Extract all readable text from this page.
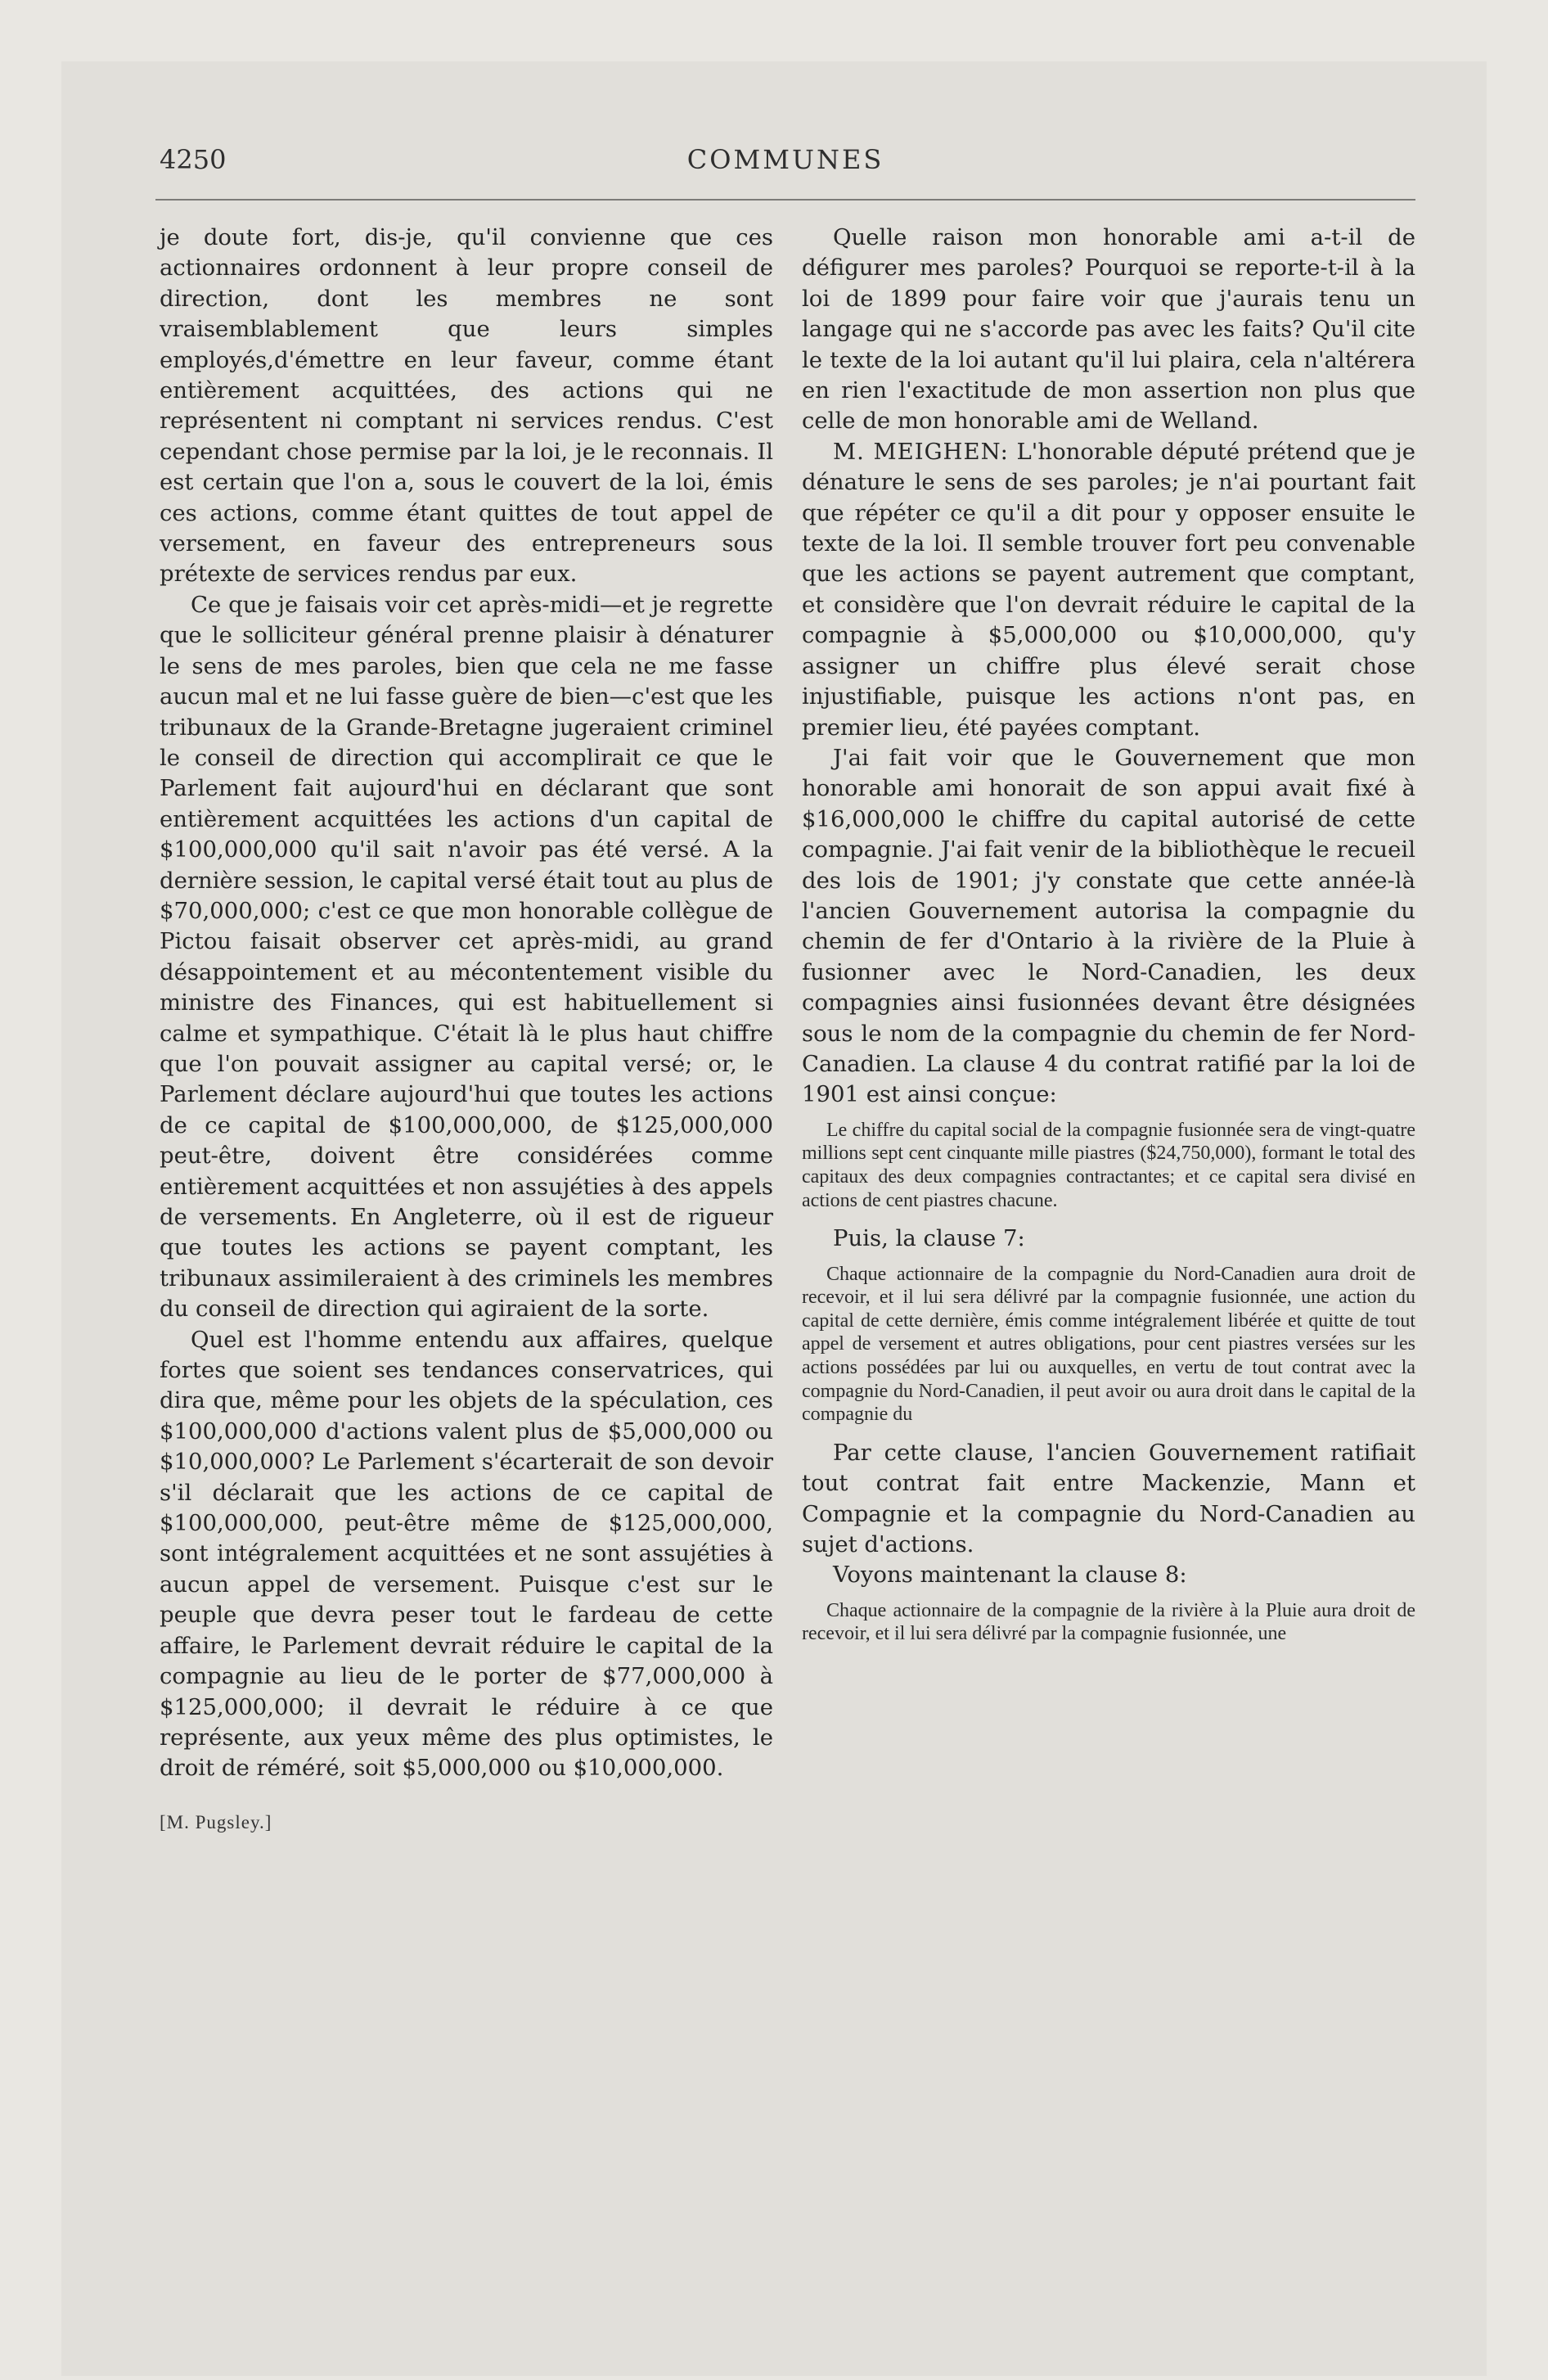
4250	COMMUNES

je doute fort, dis-je, qu'il convienne que ces actionnaires ordonnent à leur propre conseil de direction, dont les membres ne sont vraisemblablement que leurs simples employés,d'émettre en leur faveur, comme étant entièrement acquittées, des actions qui ne représentent ni comptant ni services rendus. C'est cependant chose permise par la loi, je le reconnais. Il est certain que l'on a, sous le couvert de la loi, émis ces actions, comme étant quittes de tout appel de versement, en faveur des entrepreneurs sous prétexte de services rendus par eux.

Ce que je faisais voir cet après-midi—et je regrette que le solliciteur général prenne plaisir à dénaturer le sens de mes paroles, bien que cela ne me fasse aucun mal et ne lui fasse guère de bien—c'est que les tribunaux de la Grande-Bretagne jugeraient criminel le conseil de direction qui accomplirait ce que le Parlement fait aujourd'hui en déclarant que sont entièrement acquittées les actions d'un capital de $100,000,000 qu'il sait n'avoir pas été versé. A la dernière session, le capital versé était tout au plus de $70,000,000; c'est ce que mon honorable collègue de Pictou faisait observer cet après-midi, au grand désappointement et au mécontentement visible du ministre des Finances, qui est habituellement si calme et sympathique. C'était là le plus haut chiffre que l'on pouvait assigner au capital versé; or, le Parlement déclare aujourd'hui que toutes les actions de ce capital de $100,000,000, de $125,000,000 peut-être, doivent être considérées comme entièrement acquittées et non assujéties à des appels de versements. En Angleterre, où il est de rigueur que toutes les actions se payent comptant, les tribunaux assimileraient à des criminels les membres du conseil de direction qui agiraient de la sorte.

Quel est l'homme entendu aux affaires, quelque fortes que soient ses tendances conservatrices, qui dira que, même pour les objets de la spéculation, ces $100,000,000 d'actions valent plus de $5,000,000 ou $10,000,000? Le Parlement s'écarterait de son devoir s'il déclarait que les actions de ce capital de $100,000,000, peut-être même de $125,000,000, sont intégralement acquittées et ne sont assujéties à aucun appel de versement. Puisque c'est sur le peuple que devra peser tout le fardeau de cette affaire, le Parlement devrait réduire le capital de la compagnie au lieu de le porter de $77,000,000 à $125,000,000; il devrait le réduire à ce que représente, aux yeux même des plus optimistes, le droit de réméré, soit $5,000,000 ou $10,000,000.

[M. Pugsley.]

Quelle raison mon honorable ami a-t-il de défigurer mes paroles? Pourquoi se reporte-t-il à la loi de 1899 pour faire voir que j'aurais tenu un langage qui ne s'accorde pas avec les faits? Qu'il cite le texte de la loi autant qu'il lui plaira, cela n'altérera en rien l'exactitude de mon assertion non plus que celle de mon honorable ami de Welland.

M. MEIGHEN: L'honorable député prétend que je dénature le sens de ses paroles; je n'ai pourtant fait que répéter ce qu'il a dit pour y opposer ensuite le texte de la loi. Il semble trouver fort peu convenable que les actions se payent autrement que comptant, et considère que l'on devrait réduire le capital de la compagnie à $5,000,000 ou $10,000,000, qu'y assigner un chiffre plus élevé serait chose injustifiable, puisque les actions n'ont pas, en premier lieu, été payées comptant.

J'ai fait voir que le Gouvernement que mon honorable ami honorait de son appui avait fixé à $16,000,000 le chiffre du capital autorisé de cette compagnie. J'ai fait venir de la bibliothèque le recueil des lois de 1901; j'y constate que cette année-là l'ancien Gouvernement autorisa la compagnie du chemin de fer d'Ontario à la rivière de la Pluie à fusionner avec le Nord-Canadien, les deux compagnies ainsi fusionnées devant être désignées sous le nom de la compagnie du chemin de fer Nord-Canadien. La clause 4 du contrat ratifié par la loi de 1901 est ainsi conçue:

Le chiffre du capital social de la compagnie fusionnée sera de vingt-quatre millions sept cent cinquante mille piastres ($24,750,000), formant le total des capitaux des deux compagnies contractantes; et ce capital sera divisé en actions de cent piastres chacune.

Puis, la clause 7:

Chaque actionnaire de la compagnie du Nord-Canadien aura droit de recevoir, et il lui sera délivré par la compagnie fusionnée, une action du capital de cette dernière, émis comme intégralement libérée et quitte de tout appel de versement et autres obligations, pour cent piastres versées sur les actions possédées par lui ou auxquelles, en vertu de tout contrat avec la compagnie du Nord-Canadien, il peut avoir ou aura droit dans le capital de la compagnie du

Par cette clause, l'ancien Gouvernement ratifiait tout contrat fait entre Mackenzie, Mann et Compagnie et la compagnie du Nord-Canadien au sujet d'actions.

Voyons maintenant la clause 8:

Chaque actionnaire de la compagnie de la rivière à la Pluie aura droit de recevoir, et il lui sera délivré par la compagnie fusionnée, une
